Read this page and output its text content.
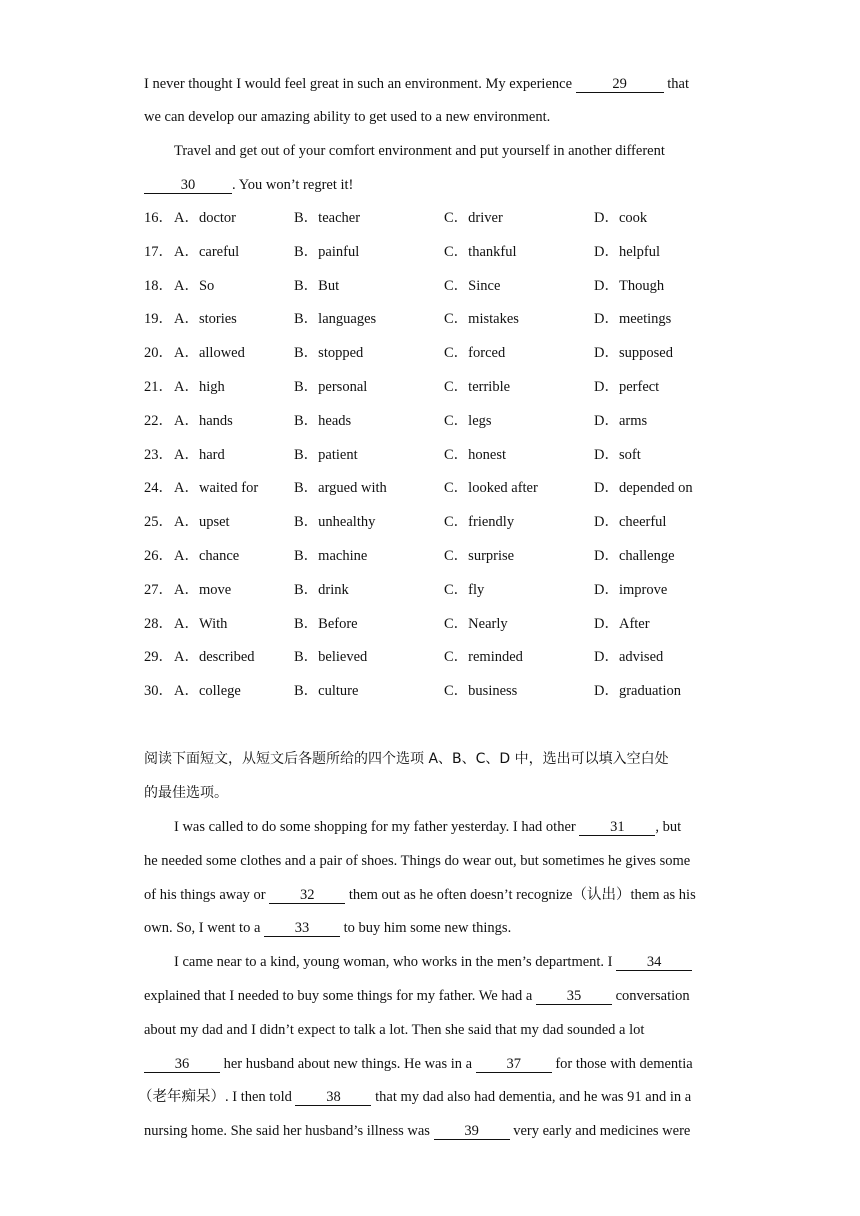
I never thought I would feel great in such an environment. My experience	29	that
we can develop our amazing ability to get used to a new environment.
Travel and get out of your comfort environment and put yourself in another different
30	. You won’t regret it!
16． A．doctor	B．teacher	C．driver	D．cook
17． A．careful	B．painful	C．thankful	D．helpful
18． A．So	B．But	C．Since	D．Though
19． A．stories	B．languages	C．mistakes	D．meetings
20． A．allowed	B．stopped	C．forced	D．supposed
21． A．high	B．personal	C．terrible	D．perfect
22． A．hands	B．heads	C．legs	D．arms
23． A．hard	B．patient	C．honest	D．soft
24． A．waited for B．argued with	C．looked after	D．depended on
25． A．upset	B．unhealthy	C．friendly	D．cheerful
26． A．chance	B．machine	C．surprise	D．challenge
27． A．move	B．drink	C．fly	D．improve
28． A．With	B．Before	C．Nearly	D．After
29． A．described	B．believed	C．reminded	D．advised
30． A．college	B．culture	C．business	D．graduation
阅读下面短文，从短文后各题所给的四个选项 A、B、C、D 中，选出可以填入空白处
的最佳选项。
I was called to do some shopping for my father yesterday. I had other 31 , but
he needed some clothes and a pair of shoes. Things do wear out, but sometimes he gives some
of his things away or 32 them out as he often doesn’t recognize（认出）them as his
own. So, I went to a 33 to buy him some new things.
I came near to a kind, young woman, who works in the men’s department. I 34
explained that I needed to buy some things for my father. We had a 35 conversation
about my dad and I didn’t expect to talk a lot. Then she said that my dad sounded a lot
36 her husband about new things. He was in a 37 for those with dementia
（老年痴呆）. I then told 38 that my dad also had dementia, and he was 91 and in a
nursing home. She said her husband’s illness was 39 very early and medicines were
